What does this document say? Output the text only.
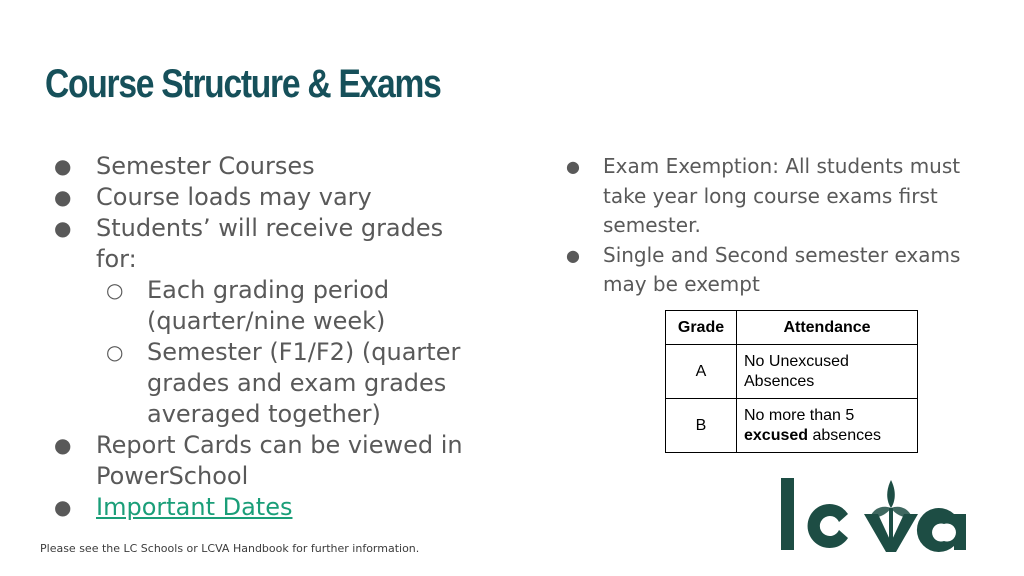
Course Structure & Exams
● Semester Courses
● Course loads may vary
● Students’ will receive grades for:
○ Each grading period (quarter/nine week)
○ Semester (F1/F2) (quarter grades and exam grades averaged together)
● Report Cards can be viewed in PowerSchool
● Important Dates
● Exam Exemption: All students must take year long course exams first semester.
● Single and Second semester exams may be exempt
Grade	Attendance
A	No Unexcused Absences
B	No more than 5
excused absences
Please see the LC Schools or LCVA Handbook for further information.
